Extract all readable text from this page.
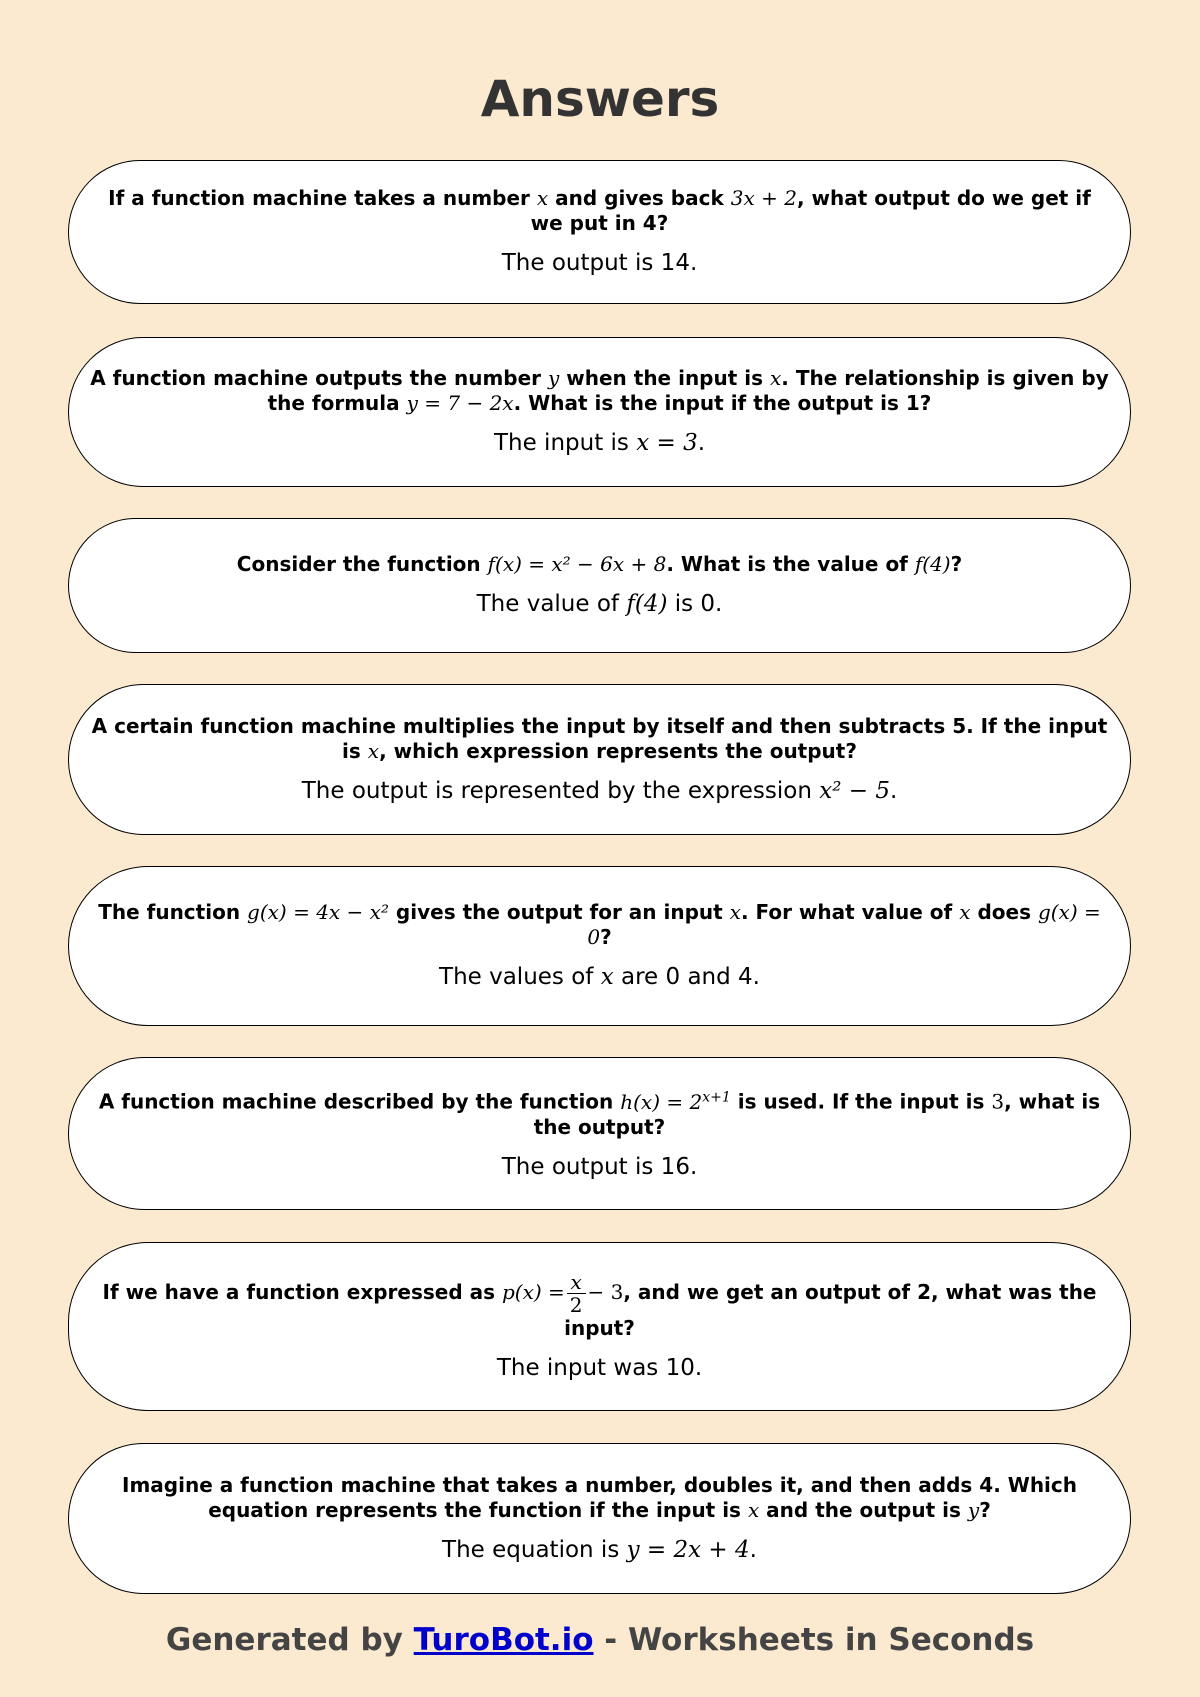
Answers
If a function machine takes a number x and gives back 3x + 2, what output do we get if we put in 4?
The output is 14.
A function machine outputs the number y when the input is x. The relationship is given by the formula y = 7 − 2x. What is the input if the output is 1?
The input is x = 3.
Consider the function f(x) = x² − 6x + 8. What is the value of f(4)?
The value of f(4) is 0.
A certain function machine multiplies the input by itself and then subtracts 5. If the input is x, which expression represents the output?
The output is represented by the expression x² − 5.
The function g(x) = 4x − x² gives the output for an input x. For what value of x does g(x) = 0?
The values of x are 0 and 4.
A function machine described by the function $h(x) = 2^{x+1}$ is used. If the input is 3, what is the output?
The output is 16.
If we have a function expressed as $p(x) = \frac{x}{2} - 3$, and we get an output of 2, what was the input?
The input was 10.
Imagine a function machine that takes a number, doubles it, and then adds 4. Which equation represents the function if the input is x and the output is y?
The equation is y = 2x + 4.
Generated by TuroBot.io - Worksheets in Seconds
